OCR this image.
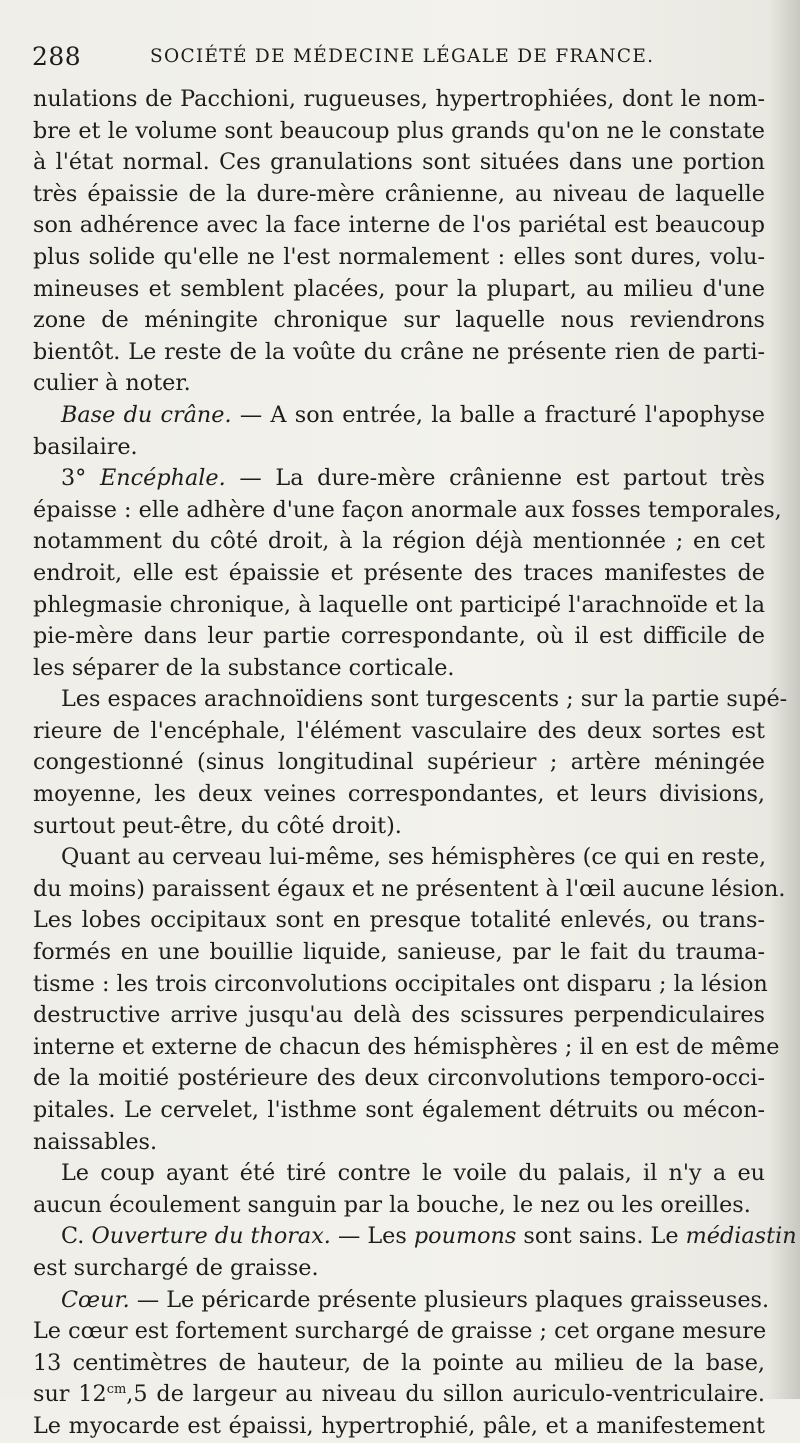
288	SOCIÉTÉ DE MÉDECINE LÉGALE DE FRANCE.
nulations de Pacchioni, rugueuses, hypertrophiées, dont le nom-
bre et le volume sont beaucoup plus grands qu'on ne le constate
à l'état normal. Ces granulations sont situées dans une portion
très épaissie de la dure-mère crânienne, au niveau de laquelle
son adhérence avec la face interne de l'os pariétal est beaucoup
plus solide qu'elle ne l'est normalement : elles sont dures, volu-
mineuses et semblent placées, pour la plupart, au milieu d'une
zone de méningite chronique sur laquelle nous reviendrons
bientôt. Le reste de la voûte du crâne ne présente rien de parti-
culier à noter.
Base du crâne. — A son entrée, la balle a fracturé l'apophyse
basilaire.
3° Encéphale. — La dure-mère crânienne est partout très
épaisse : elle adhère d'une façon anormale aux fosses temporales,
notamment du côté droit, à la région déjà mentionnée ; en cet
endroit, elle est épaissie et présente des traces manifestes de
phlegmasie chronique, à laquelle ont participé l'arachnoïde et la
pie-mère dans leur partie correspondante, où il est difficile de
les séparer de la substance corticale.
Les espaces arachnoïdiens sont turgescents ; sur la partie supé-
rieure de l'encéphale, l'élément vasculaire des deux sortes est
congestionné (sinus longitudinal supérieur ; artère méningée
moyenne, les deux veines correspondantes, et leurs divisions,
surtout peut-être, du côté droit).
Quant au cerveau lui-même, ses hémisphères (ce qui en reste,
du moins) paraissent égaux et ne présentent à l'œil aucune lésion.
Les lobes occipitaux sont en presque totalité enlevés, ou trans-
formés en une bouillie liquide, sanieuse, par le fait du trauma-
tisme : les trois circonvolutions occipitales ont disparu ; la lésion
destructive arrive jusqu'au delà des scissures perpendiculaires
interne et externe de chacun des hémisphères ; il en est de même
de la moitié postérieure des deux circonvolutions temporo-occi-
pitales. Le cervelet, l'isthme sont également détruits ou mécon-
naissables.
Le coup ayant été tiré contre le voile du palais, il n'y a eu
aucun écoulement sanguin par la bouche, le nez ou les oreilles.
C. Ouverture du thorax. — Les poumons sont sains. Le médiastin
est surchargé de graisse.
Cœur. — Le péricarde présente plusieurs plaques graisseuses.
Le cœur est fortement surchargé de graisse ; cet organe mesure
13 centimètres de hauteur, de la pointe au milieu de la base,
sur $12^{cm},5$ de largeur au niveau du sillon auriculo-ventriculaire.
Le myocarde est épaissi, hypertrophié, pâle, et a manifestement
